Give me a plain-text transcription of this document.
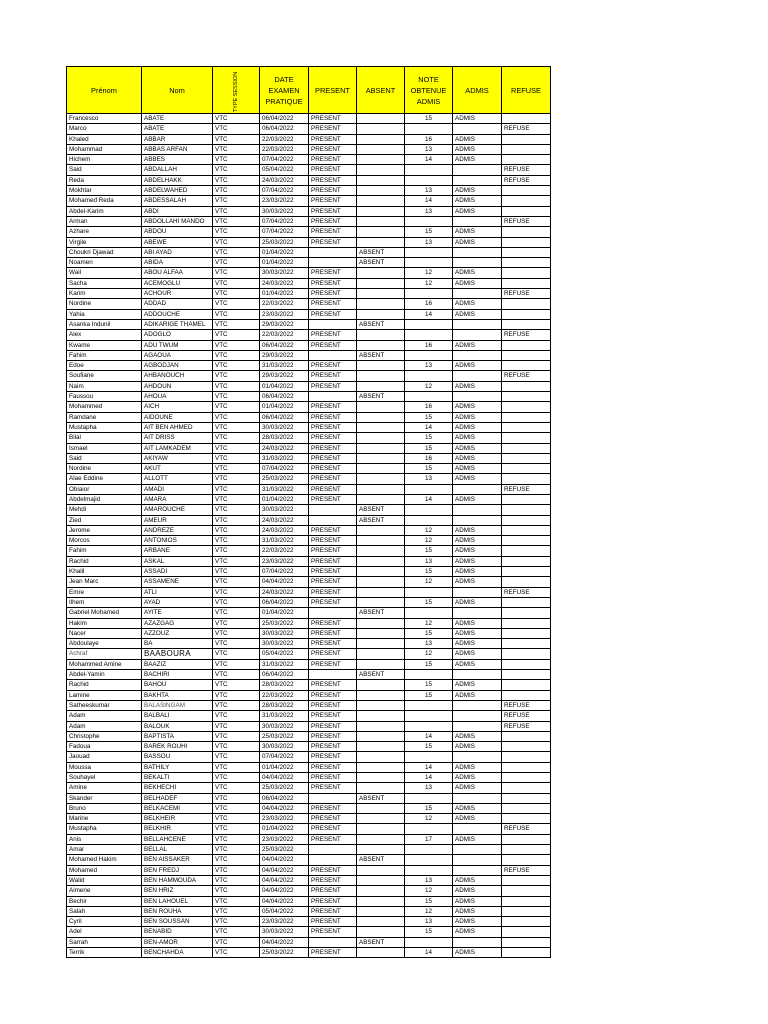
Prénom	Nom	TYPE SESSION	DATE EXAMEN PRATIQUE	PRESENT	ABSENT	NOTE OBTENUE ADMIS	ADMIS	REFUSE
Francesco	ABATE	VTC	06/04/2022	PRESENT		15	ADMIS	
Marco	ABATE	VTC	06/04/2022	PRESENT				REFUSE
Khaled	ABBAR	VTC	22/03/2022	PRESENT		16	ADMIS	
Mohammad	ABBAS ARFAN	VTC	22/03/2022	PRESENT		13	ADMIS	
Hichem	ABBES	VTC	07/04/2022	PRESENT		14	ADMIS	
Said	ABDALLAH	VTC	05/04/2022	PRESENT				REFUSE
Reda	ABDELHAKK	VTC	24/03/2022	PRESENT				REFUSE
Mokhtar	ABDELWAHED	VTC	07/04/2022	PRESENT		13	ADMIS	
Mohamed Reda	ABDESSALAH	VTC	23/03/2022	PRESENT		14	ADMIS	
Abdel-Karim	ABDI	VTC	30/03/2022	PRESENT		13	ADMIS	
Arman	ABDOLLAHI MANDO	VTC	07/04/2022	PRESENT				REFUSE
Azhare	ABDOU	VTC	07/04/2022	PRESENT		15	ADMIS	
Virgile	ABEWE	VTC	25/03/2022	PRESENT		13	ADMIS	
Choukri Djawad	ABI AYAD	VTC	01/04/2022		ABSENT			
Noamen	ABIDA	VTC	01/04/2022		ABSENT			
Wail	ABOU ALFAA	VTC	30/03/2022	PRESENT		12	ADMIS	
Sacha	ACEMOGLU	VTC	24/03/2022	PRESENT		12	ADMIS	
Karim	ACHOUR	VTC	01/04/2022	PRESENT				REFUSE
Nordine	ADDAD	VTC	22/03/2022	PRESENT		16	ADMIS	
Yahia	ADDOUCHE	VTC	23/03/2022	PRESENT		14	ADMIS	
Asanka Indunil	ADIKARIGE THAMEL	VTC	29/03/2022		ABSENT			
Alex	ADOGLO	VTC	22/03/2022	PRESENT				REFUSE
Kwame	ADU TWUM	VTC	06/04/2022	PRESENT		16	ADMIS	
Fahim	AGAOUA	VTC	29/03/2022		ABSENT			
Edoe	AGBODJAN	VTC	31/03/2022	PRESENT		13	ADMIS	
Soufiane	AHBANOUCH	VTC	29/03/2022	PRESENT				REFUSE
Naim	AHDOUN	VTC	01/04/2022	PRESENT		12	ADMIS	
Faussou	AHOUA	VTC	06/04/2022		ABSENT			
Mohammed	AICH	VTC	01/04/2022	PRESENT		16	ADMIS	
Ramdane	AIDOUNE	VTC	06/04/2022	PRESENT		15	ADMIS	
Mustapha	AIT BEN AHMED	VTC	30/03/2022	PRESENT		14	ADMIS	
Bilal	AIT DRISS	VTC	28/03/2022	PRESENT		15	ADMIS	
Ismael	AIT LAMKADEM	VTC	24/03/2022	PRESENT		15	ADMIS	
Said	AKIYAW	VTC	31/03/2022	PRESENT		16	ADMIS	
Nordine	AKUT	VTC	07/04/2022	PRESENT		15	ADMIS	
Alae Eddine	ALLOTT	VTC	25/03/2022	PRESENT		13	ADMIS	
Obiaior	AMADI	VTC	31/03/2022	PRESENT				REFUSE
Abdelmajid	AMARA	VTC	01/04/2022	PRESENT		14	ADMIS	
Mehdi	AMAROUCHE	VTC	30/03/2022		ABSENT			
Zied	AMEUR	VTC	24/03/2022		ABSENT			
Jerome	ANDREZE	VTC	24/03/2022	PRESENT		12	ADMIS	
Morcos	ANTONIOS	VTC	31/03/2022	PRESENT		12	ADMIS	
Fahim	ARBANE	VTC	22/03/2022	PRESENT		15	ADMIS	
Rachid	ASKAL	VTC	23/03/2022	PRESENT		13	ADMIS	
Khalil	ASSADI	VTC	07/04/2022	PRESENT		15	ADMIS	
Jean Marc	ASSAMENE	VTC	04/04/2022	PRESENT		12	ADMIS	
Emre	ATLI	VTC	24/03/2022	PRESENT				REFUSE
Ilhem	AYAD	VTC	06/04/2022	PRESENT		15	ADMIS	
Gabriel Mohamed	AYITE	VTC	01/04/2022		ABSENT			
Hakim	AZAZGAG	VTC	25/03/2022	PRESENT		12	ADMIS	
Nacer	AZZOUZ	VTC	30/03/2022	PRESENT		15	ADMIS	
Abdoulaye	BA	VTC	30/03/2022	PRESENT		13	ADMIS	
Achraf	BAABOURA	VTC	05/04/2022	PRESENT		12	ADMIS	
Mohammed Amine	BAAZIZ	VTC	31/03/2022	PRESENT		15	ADMIS	
Abdel-Yamin	BACHIRI	VTC	06/04/2022		ABSENT			
Rachid	BAHOU	VTC	28/03/2022	PRESENT		15	ADMIS	
Lamine	BAKHTA	VTC	22/03/2022	PRESENT		15	ADMIS	
Satheeskumar	BALASINGAM	VTC	28/03/2022	PRESENT				REFUSE
Adam	BALBALI	VTC	31/03/2022	PRESENT				REFUSE
Adam	BALOUK	VTC	30/03/2022	PRESENT				REFUSE
Christophe	BAPTISTA	VTC	25/03/2022	PRESENT		14	ADMIS	
Fadoua	BAREK ROUHI	VTC	30/03/2022	PRESENT		15	ADMIS	
Jaouad	BASSOU	VTC	07/04/2022	PRESENT				
Moussa	BATHILY	VTC	01/04/2022	PRESENT		14	ADMIS	
Souhayel	BEKALTI	VTC	04/04/2022	PRESENT		14	ADMIS	
Amine	BEKHECHI	VTC	25/03/2022	PRESENT		13	ADMIS	
Skander	BELHADEF	VTC	06/04/2022		ABSENT			
Bruno	BELKACEMI	VTC	04/04/2022	PRESENT		15	ADMIS	
Marine	BELKHEIR	VTC	23/03/2022	PRESENT		12	ADMIS	
Mustapha	BELKHIR	VTC	01/04/2022	PRESENT				REFUSE
Anis	BELLAHCENE	VTC	23/03/2022	PRESENT		17	ADMIS	
Amar	BELLAL	VTC	25/03/2022					
Mohamed Hakim	BEN AISSAKER	VTC	04/04/2022		ABSENT			
Mohamed	BEN FREDJ	VTC	04/04/2022	PRESENT				REFUSE
Walid	BEN HAMMOUDA	VTC	04/04/2022	PRESENT		13	ADMIS	
Aimene	BEN HRIZ	VTC	04/04/2022	PRESENT		12	ADMIS	
Bechir	BEN LAHOUEL	VTC	04/04/2022	PRESENT		15	ADMIS	
Salah	BEN ROUHA	VTC	05/04/2022	PRESENT		12	ADMIS	
Cyril	BEN SOUSSAN	VTC	23/03/2022	PRESENT		13	ADMIS	
Adel	BENABID	VTC	30/03/2022	PRESENT		15	ADMIS	
Sarrah	BEN-AMOR	VTC	04/04/2022		ABSENT			
Terrik	BENCHAHDA	VTC	25/03/2022	PRESENT		14	ADMIS	
